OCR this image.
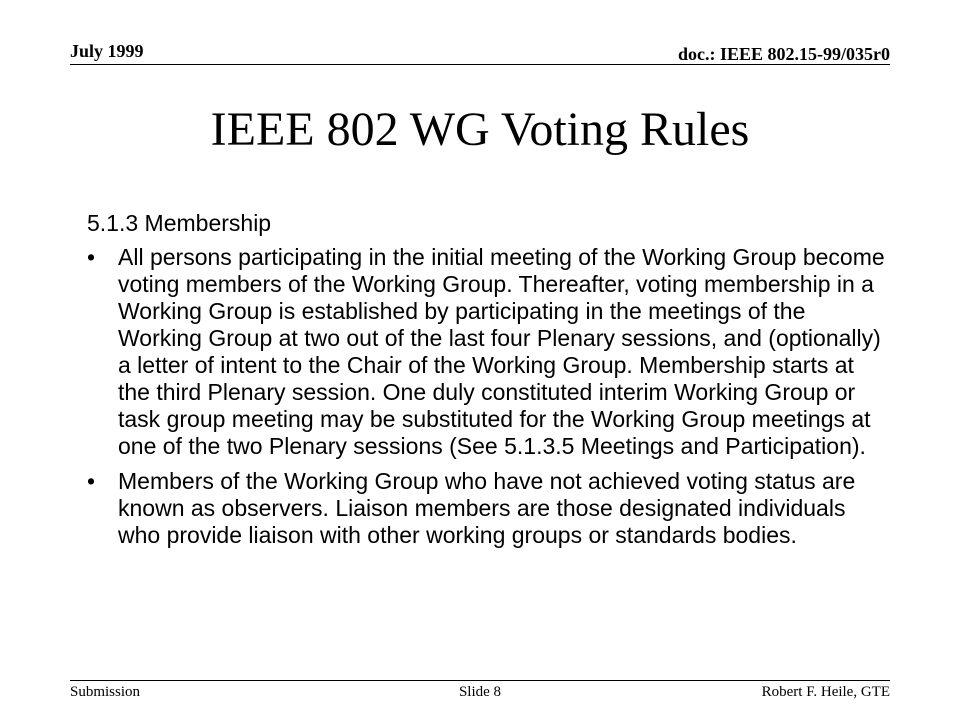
July 1999	doc.: IEEE 802.15-99/035r0
IEEE 802 WG Voting Rules
5.1.3 Membership
• All persons participating in the initial meeting of the Working Group become voting members of the Working Group. Thereafter, voting membership in a Working Group is established by participating in the meetings of the Working Group at two out of the last four Plenary sessions, and (optionally) a letter of intent to the Chair of the Working Group. Membership starts at the third Plenary session. One duly constituted interim Working Group or task group meeting may be substituted for the Working Group meetings at one of the two Plenary sessions (See 5.1.3.5 Meetings and Participation).
• Members of the Working Group who have not achieved voting status are known as observers. Liaison members are those designated individuals who provide liaison with other working groups or standards bodies.
Submission	Slide 8	Robert F. Heile, GTE
